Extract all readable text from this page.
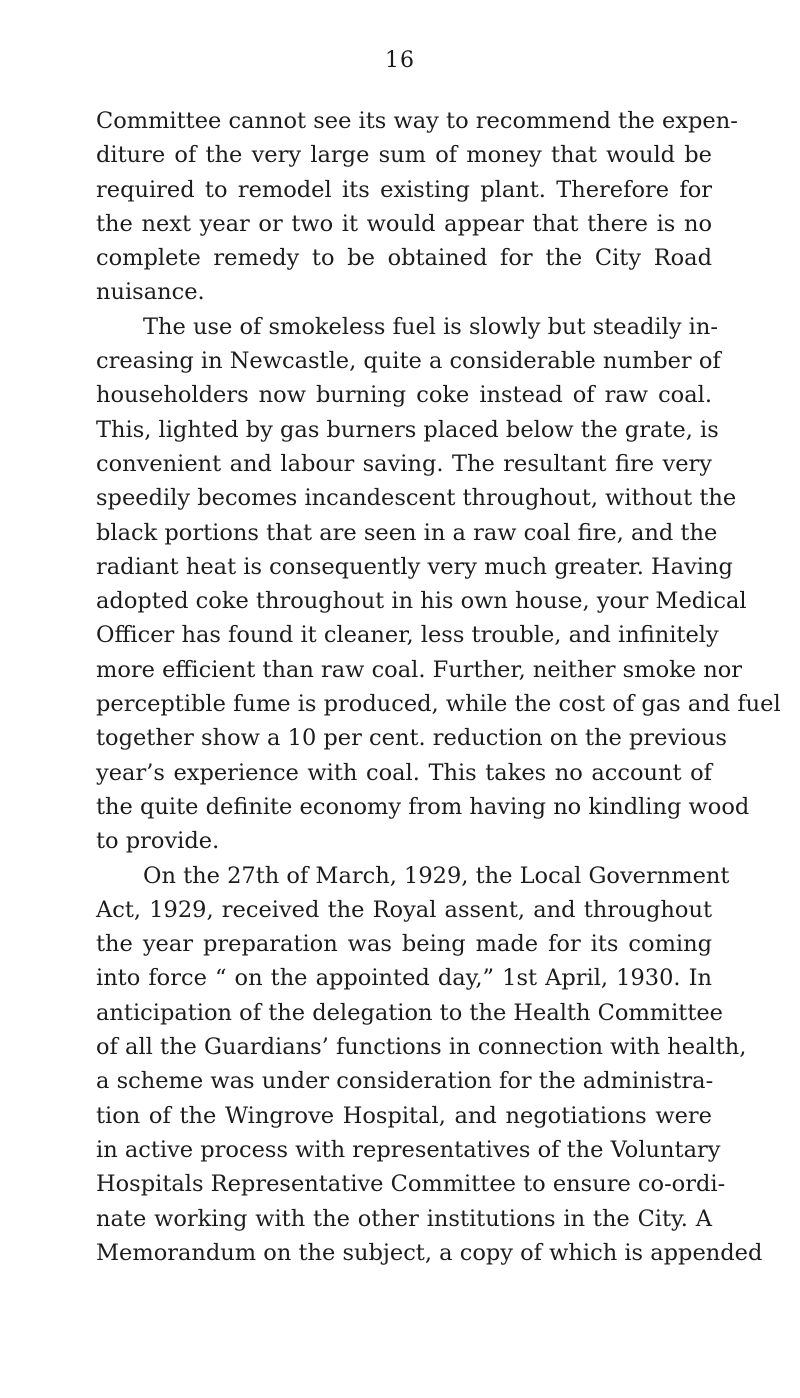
16

Committee cannot see its way to recommend the expen-
diture of the very large sum of money that would be
required to remodel its existing plant. Therefore for
the next year or two it would appear that there is no
complete remedy to be obtained for the City Road
nuisance.

The use of smokeless fuel is slowly but steadily in-
creasing in Newcastle, quite a considerable number of
householders now burning coke instead of raw coal.
This, lighted by gas burners placed below the grate, is
convenient and labour saving. The resultant fire very
speedily becomes incandescent throughout, without the
black portions that are seen in a raw coal fire, and the
radiant heat is consequently very much greater. Having
adopted coke throughout in his own house, your Medical
Officer has found it cleaner, less trouble, and infinitely
more efficient than raw coal. Further, neither smoke nor
perceptible fume is produced, while the cost of gas and fuel
together show a 10 per cent. reduction on the previous
year’s experience with coal. This takes no account of
the quite definite economy from having no kindling wood
to provide.

On the 27th of March, 1929, the Local Government
Act, 1929, received the Royal assent, and throughout
the year preparation was being made for its coming
into force “ on the appointed day,” 1st April, 1930. In
anticipation of the delegation to the Health Committee
of all the Guardians’ functions in connection with health,
a scheme was under consideration for the administra-
tion of the Wingrove Hospital, and negotiations were
in active process with representatives of the Voluntary
Hospitals Representative Committee to ensure co-ordi-
nate working with the other institutions in the City. A
Memorandum on the subject, a copy of which is appended
